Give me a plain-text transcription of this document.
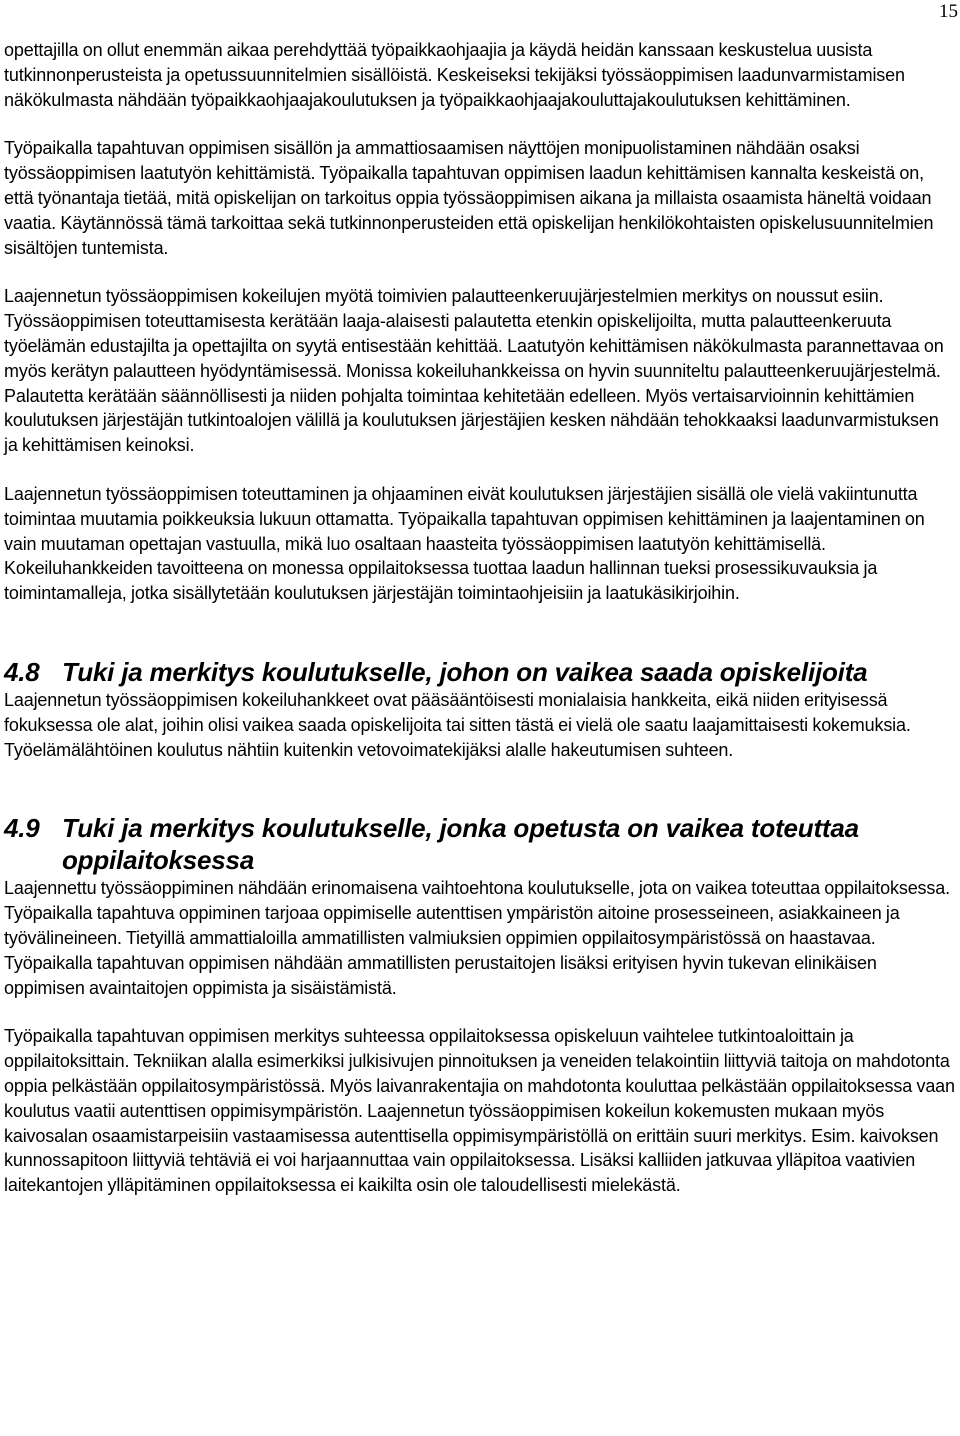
15

opettajilla on ollut enemmän aikaa perehdyttää työpaikkaohjaajia ja käydä heidän kanssaan keskustelua uusista tutkinnonperusteista ja opetussuunnitelmien sisällöistä. Keskeiseksi tekijäksi työssäoppimisen laadunvarmistamisen näkökulmasta nähdään työpaikkaohjaajakoulutuksen ja työpaikkaohjaajakouluttajakoulutuksen kehittäminen.

Työpaikalla tapahtuvan oppimisen sisällön ja ammattiosaamisen näyttöjen monipuolistaminen nähdään osaksi työssäoppimisen laatutyön kehittämistä. Työpaikalla tapahtuvan oppimisen laadun kehittämisen kannalta keskeistä on, että työnantaja tietää, mitä opiskelijan on tarkoitus oppia työssäoppimisen aikana ja millaista osaamista häneltä voidaan vaatia. Käytännössä tämä tarkoittaa sekä tutkinnonperusteiden että opiskelijan henkilökohtaisten opiskelusuunnitelmien sisältöjen tuntemista.

Laajennetun työssäoppimisen kokeilujen myötä toimivien palautteenkeruujärjestelmien merkitys on noussut esiin. Työssäoppimisen toteuttamisesta kerätään laaja-alaisesti palautetta etenkin opiskelijoilta, mutta palautteenkeruuta työelämän edustajilta ja opettajilta on syytä entisestään kehittää. Laatutyön kehittämisen näkökulmasta parannettavaa on myös kerätyn palautteen hyödyntämisessä. Monissa kokeiluhankkeissa on hyvin suunniteltu palautteenkeruujärjestelmä. Palautetta kerätään säännöllisesti ja niiden pohjalta toimintaa kehitetään edelleen. Myös vertaisarvioinnin kehittämien koulutuksen järjestäjän tutkintoalojen välillä ja koulutuksen järjestäjien kesken nähdään tehokkaaksi laadunvarmistuksen ja kehittämisen keinoksi.

Laajennetun työssäoppimisen toteuttaminen ja ohjaaminen eivät koulutuksen järjestäjien sisällä ole vielä vakiintunutta toimintaa muutamia poikkeuksia lukuun ottamatta. Työpaikalla tapahtuvan oppimisen kehittäminen ja laajentaminen on vain muutaman opettajan vastuulla, mikä luo osaltaan haasteita työssäoppimisen laatutyön kehittämisellä. Kokeiluhankkeiden tavoitteena on monessa oppilaitoksessa tuottaa laadun hallinnan tueksi prosessikuvauksia ja toimintamalleja, jotka sisällytetään koulutuksen järjestäjän toimintaohjeisiin ja laatukäsikirjoihin.

4.8 Tuki ja merkitys koulutukselle, johon on vaikea saada opiskelijoita

Laajennetun työssäoppimisen kokeiluhankkeet ovat pääsääntöisesti monialaisia hankkeita, eikä niiden erityisessä fokuksessa ole alat, joihin olisi vaikea saada opiskelijoita tai sitten tästä ei vielä ole saatu laajamittaisesti kokemuksia. Työelämälähtöinen koulutus nähtiin kuitenkin vetovoimatekijäksi alalle hakeutumisen suhteen.

4.9 Tuki ja merkitys koulutukselle, jonka opetusta on vaikea toteuttaa oppilaitoksessa

Laajennettu työssäoppiminen nähdään erinomaisena vaihtoehtona koulutukselle, jota on vaikea toteuttaa oppilaitoksessa. Työpaikalla tapahtuva oppiminen tarjoaa oppimiselle autenttisen ympäristön aitoine prosesseineen, asiakkaineen ja työvälineineen. Tietyillä ammattialoilla ammatillisten valmiuksien oppimien oppilaitosympäristössä on haastavaa. Työpaikalla tapahtuvan oppimisen nähdään ammatillisten perustaitojen lisäksi erityisen hyvin tukevan elinikäisen oppimisen avaintaitojen oppimista ja sisäistämistä.

Työpaikalla tapahtuvan oppimisen merkitys suhteessa oppilaitoksessa opiskeluun vaihtelee tutkintoaloittain ja oppilaitoksittain. Tekniikan alalla esimerkiksi julkisivujen pinnoituksen ja veneiden telakointiin liittyviä taitoja on mahdotonta oppia pelkästään oppilaitosympäristössä. Myös laivanrakentajia on mahdotonta kouluttaa pelkästään oppilaitoksessa vaan koulutus vaatii autenttisen oppimisympäristön. Laajennetun työssäoppimisen kokeilun kokemusten mukaan myös kaivosalan osaamistarpeisiin vastaamisessa autenttisella oppimisympäristöllä on erittäin suuri merkitys. Esim. kaivoksen kunnossapitoon liittyviä tehtäviä ei voi harjaannuttaa vain oppilaitoksessa. Lisäksi kalliiden jatkuvaa ylläpitoa vaativien laitekantojen ylläpitäminen oppilaitoksessa ei kaikilta osin ole taloudellisesti mielekästä.
